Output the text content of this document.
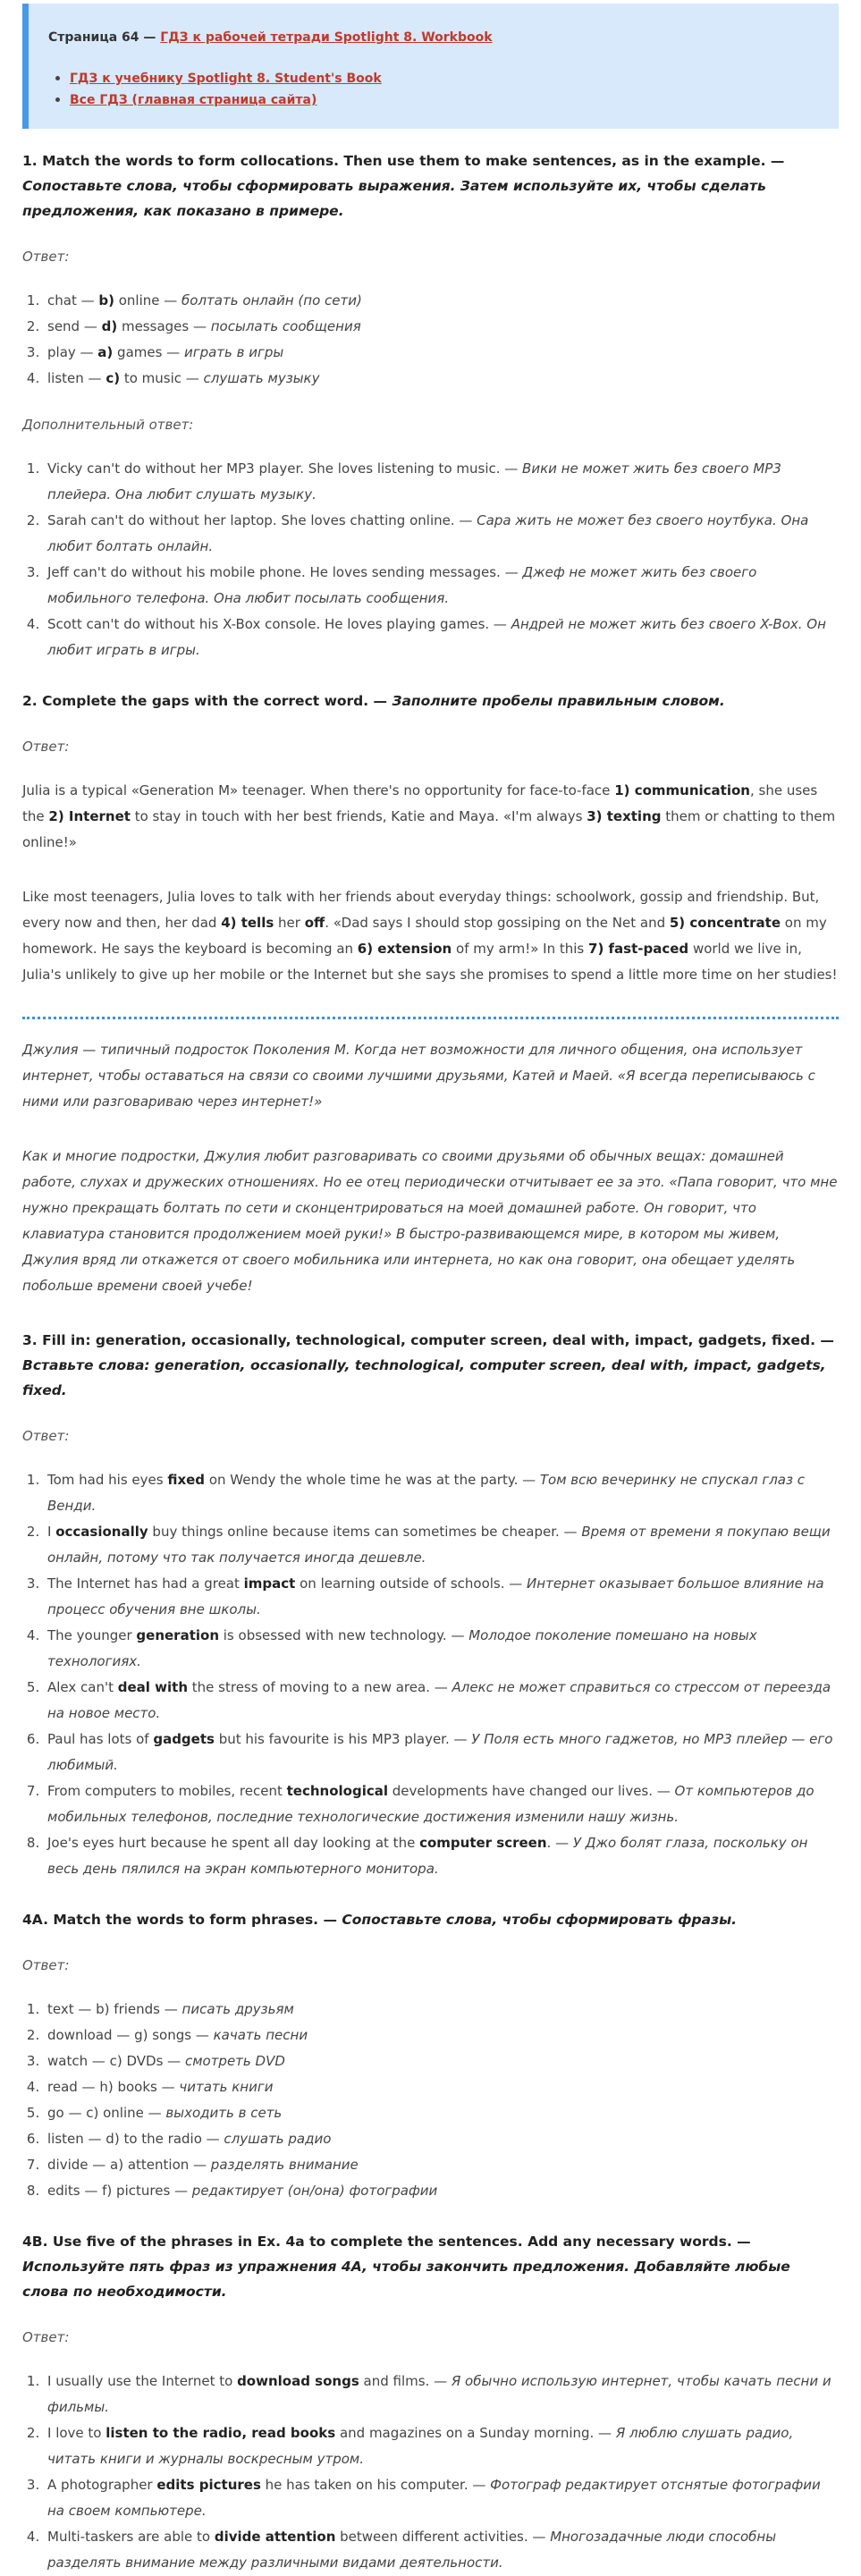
Страница 64 — ГДЗ к рабочей тетради Spotlight 8. Workbook
• ГДЗ к учебнику Spotlight 8. Student's Book
• Все ГДЗ (главная страница сайта)

1. Match the words to form collocations. Then use them to make sentences, as in the example. — Сопоставьте слова, чтобы сформировать выражения. Затем используйте их, чтобы сделать предложения, как показано в примере.

Ответ:

1. chat — b) online — болтать онлайн (по сети)
2. send — d) messages — посылать сообщения
3. play — a) games — играть в игры
4. listen — c) to music — слушать музыку

Дополнительный ответ:

1. Vicky can't do without her MP3 player. She loves listening to music. — Вики не может жить без своего MP3 плейера. Она любит слушать музыку.
2. Sarah can't do without her laptop. She loves chatting online. — Сара жить не может без своего ноутбука. Она любит болтать онлайн.
3. Jeff can't do without his mobile phone. He loves sending messages. — Джеф не может жить без своего мобильного телефона. Она любит посылать сообщения.
4. Scott can't do without his X-Box console. He loves playing games. — Андрей не может жить без своего X-Box. Он любит играть в игры.

2. Complete the gaps with the correct word. — Заполните пробелы правильным словом.

Ответ:

Julia is a typical «Generation M» teenager. When there's no opportunity for face-to-face 1) communication, she uses the 2) Internet to stay in touch with her best friends, Katie and Maya. «I'm always 3) texting them or chatting to them online!»

Like most teenagers, Julia loves to talk with her friends about everyday things: schoolwork, gossip and friendship. But, every now and then, her dad 4) tells her off. «Dad says I should stop gossiping on the Net and 5) concentrate on my homework. He says the keyboard is becoming an 6) extension of my arm!» In this 7) fast-paced world we live in, Julia's unlikely to give up her mobile or the Internet but she says she promises to spend a little more time on her studies!

Джулия — типичный подросток Поколения М. Когда нет возможности для личного общения, она использует интернет, чтобы оставаться на связи со своими лучшими друзьями, Катей и Маей. «Я всегда переписываюсь с ними или разговариваю через интернет!»

Как и многие подростки, Джулия любит разговаривать со своими друзьями об обычных вещах: домашней работе, слухах и дружеских отношениях. Но ее отец периодически отчитывает ее за это. «Папа говорит, что мне нужно прекращать болтать по сети и сконцентрироваться на моей домашней работе. Он говорит, что клавиатура становится продолжением моей руки!» В быстро-развивающемся мире, в котором мы живем, Джулия вряд ли откажется от своего мобильника или интернета, но как она говорит, она обещает уделять побольше времени своей учебе!

3. Fill in: generation, occasionally, technological, computer screen, deal with, impact, gadgets, fixed. — Вставьте слова: generation, occasionally, technological, computer screen, deal with, impact, gadgets, fixed.

Ответ:

1. Tom had his eyes fixed on Wendy the whole time he was at the party. — Том всю вечеринку не спускал глаз с Венди.
2. I occasionally buy things online because items can sometimes be cheaper. — Время от времени я покупаю вещи онлайн, потому что так получается иногда дешевле.
3. The Internet has had a great impact on learning outside of schools. — Интернет оказывает большое влияние на процесс обучения вне школы.
4. The younger generation is obsessed with new technology. — Молодое поколение помешано на новых технологиях.
5. Alex can't deal with the stress of moving to a new area. — Алекс не может справиться со стрессом от переезда на новое место.
6. Paul has lots of gadgets but his favourite is his MP3 player. — У Поля есть много гаджетов, но MP3 плейер — его любимый.
7. From computers to mobiles, recent technological developments have changed our lives. — От компьютеров до мобильных телефонов, последние технологические достижения изменили нашу жизнь.
8. Joe's eyes hurt because he spent all day looking at the computer screen. — У Джо болят глаза, поскольку он весь день пялился на экран компьютерного монитора.

4A. Match the words to form phrases. — Сопоставьте слова, чтобы сформировать фразы.

Ответ:

1. text — b) friends — писать друзьям
2. download — g) songs — качать песни
3. watch — c) DVDs — смотреть DVD
4. read — h) books — читать книги
5. go — c) online — выходить в сеть
6. listen — d) to the radio — слушать радио
7. divide — a) attention — разделять внимание
8. edits — f) pictures — редактирует (он/она) фотографии

4B. Use five of the phrases in Ex. 4a to complete the sentences. Add any necessary words. — Используйте пять фраз из упражнения 4A, чтобы закончить предложения. Добавляйте любые слова по необходимости.

Ответ:

1. I usually use the Internet to download songs and films. — Я обычно использую интернет, чтобы качать песни и фильмы.
2. I love to listen to the radio, read books and magazines on a Sunday morning. — Я люблю слушать радио, читать книги и журналы воскресным утром.
3. A photographer edits pictures he has taken on his computer. — Фотограф редактирует отснятые фотографии на своем компьютере.
4. Multi-taskers are able to divide attention between different activities. — Многозадачные люди способны разделять внимание между различными видами деятельности.
